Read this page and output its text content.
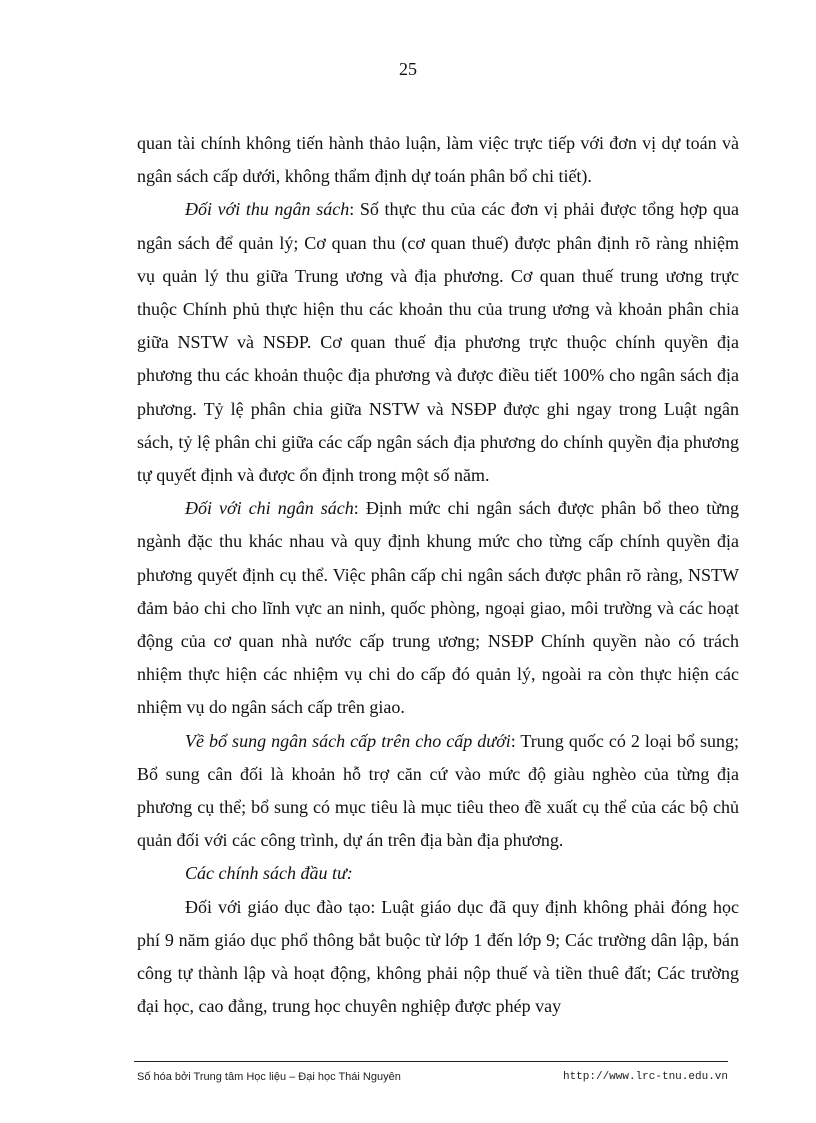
25

quan tài chính không tiến hành thảo luận, làm việc trực tiếp với đơn vị dự toán và ngân sách cấp dưới, không thẩm định dự toán phân bổ chi tiết).

Đối với thu ngân sách: Số thực thu của các đơn vị phải được tổng hợp qua ngân sách để quản lý; Cơ quan thu (cơ quan thuế) được phân định rõ ràng nhiệm vụ quản lý thu giữa Trung ương và địa phương. Cơ quan thuế trung ương trực thuộc Chính phủ thực hiện thu các khoản thu của trung ương và khoản phân chia giữa NSTW và NSĐP. Cơ quan thuế địa phương trực thuộc chính quyền địa phương thu các khoản thuộc địa phương và được điều tiết 100% cho ngân sách địa phương. Tỷ lệ phân chia giữa NSTW và NSĐP được ghi ngay trong Luật ngân sách, tỷ lệ phân chi giữa các cấp ngân sách địa phương do chính quyền địa phương tự quyết định và được ổn định trong một số năm.

Đối với chi ngân sách: Định mức chi ngân sách được phân bổ theo từng ngành đặc thu khác nhau và quy định khung mức cho từng cấp chính quyền địa phương quyết định cụ thể. Việc phân cấp chi ngân sách được phân rõ ràng, NSTW đảm bảo chi cho lĩnh vực an ninh, quốc phòng, ngoại giao, môi trường và các hoạt động của cơ quan nhà nước cấp trung ương; NSĐP Chính quyền nào có trách nhiệm thực hiện các nhiệm vụ chi do cấp đó quản lý, ngoài ra còn thực hiện các nhiệm vụ do ngân sách cấp trên giao.

Về bổ sung ngân sách cấp trên cho cấp dưới: Trung quốc có 2 loại bổ sung; Bổ sung cân đối là khoản hỗ trợ căn cứ vào mức độ giàu nghèo của từng địa phương cụ thể; bổ sung có mục tiêu là mục tiêu theo đề xuất cụ thể của các bộ chủ quản đối với các công trình, dự án trên địa bàn địa phương.

Các chính sách đầu tư:

Đối với giáo dục đào tạo: Luật giáo dục đã quy định không phải đóng học phí 9 năm giáo dục phổ thông bắt buộc từ lớp 1 đến lớp 9; Các trường dân lập, bán công tự thành lập và hoạt động, không phải nộp thuế và tiền thuê đất; Các trường đại học, cao đẳng, trung học chuyên nghiệp được phép vay

Số hóa bởi Trung tâm Học liệu – Đại học Thái Nguyên	http://www.lrc-tnu.edu.vn
